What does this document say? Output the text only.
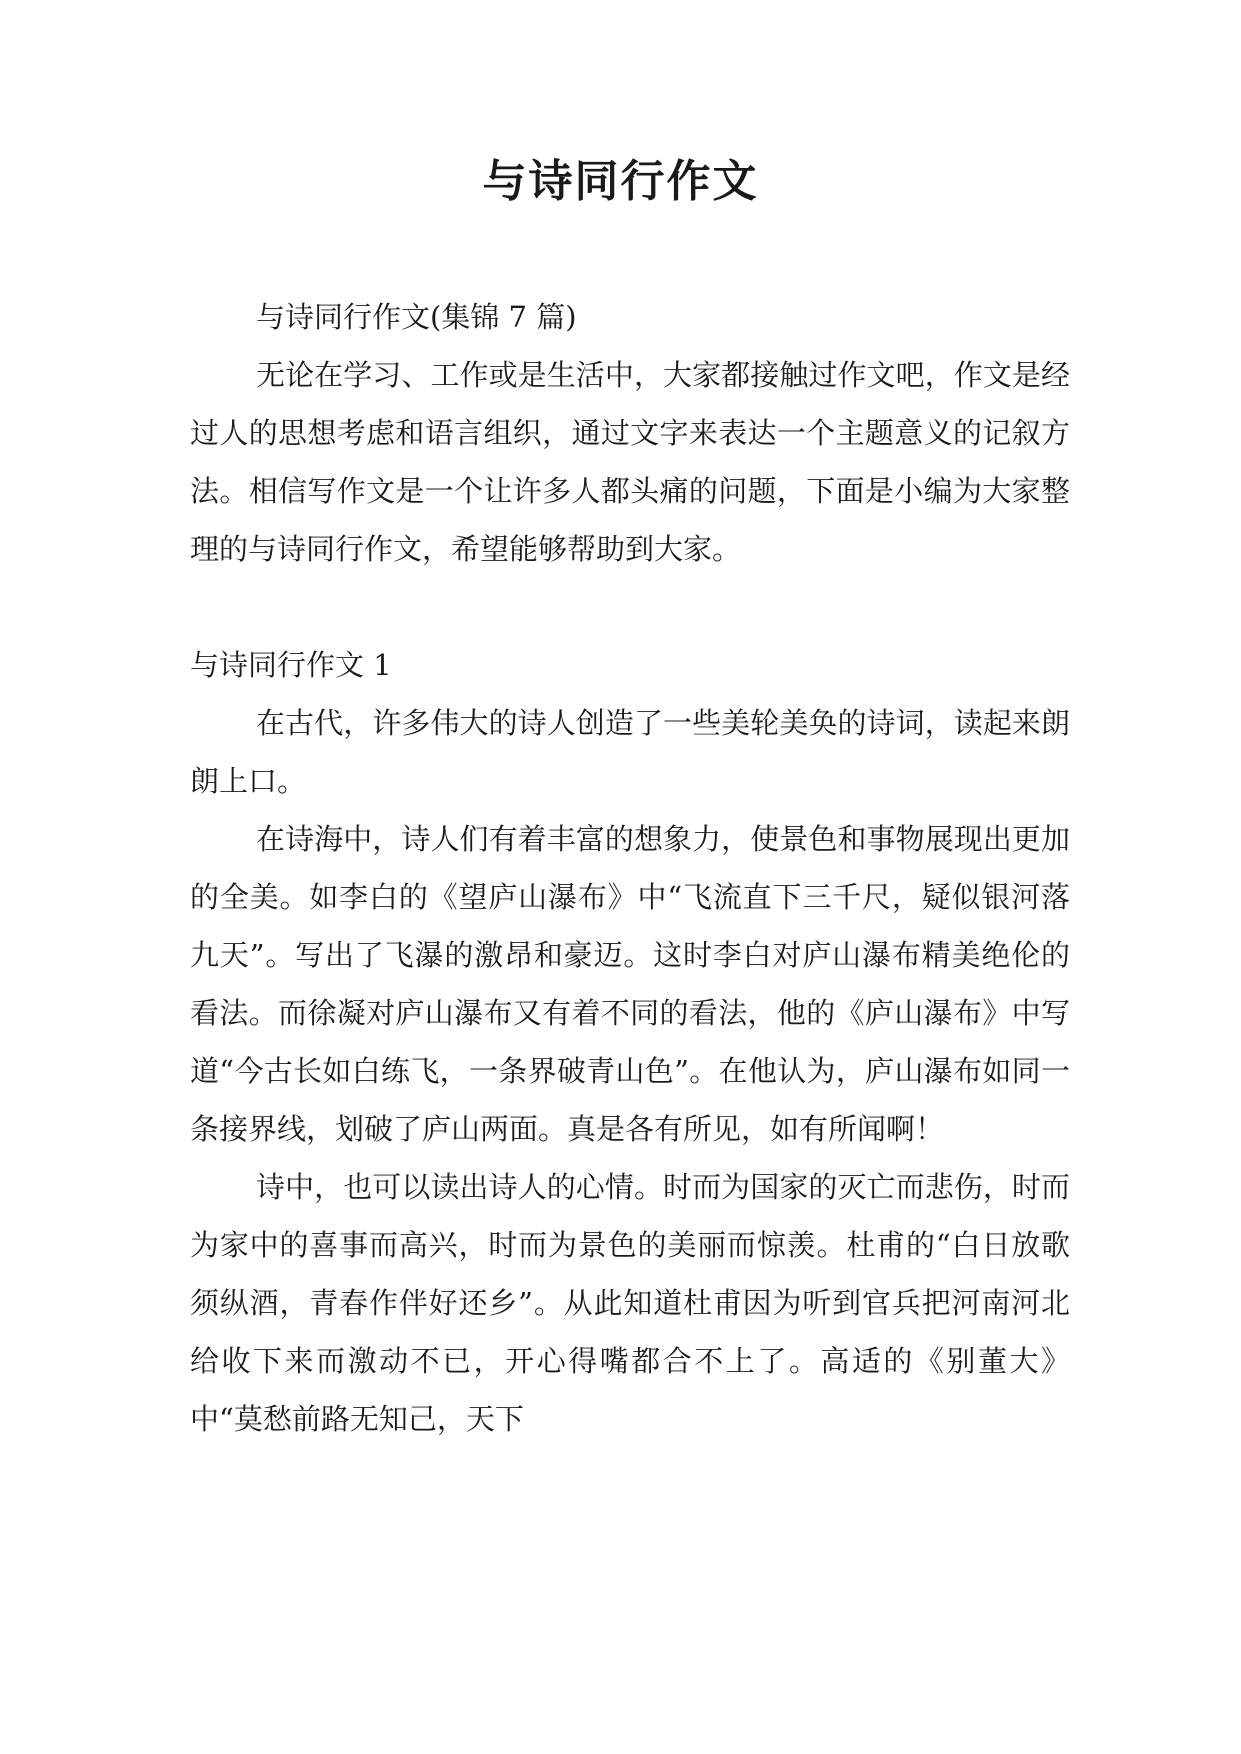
与诗同行作文

与诗同行作文(集锦 7 篇)

无论在学习、工作或是生活中，大家都接触过作文吧，作文是经过人的思想考虑和语言组织，通过文字来表达一个主题意义的记叙方法。相信写作文是一个让许多人都头痛的问题，下面是小编为大家整理的与诗同行作文，希望能够帮助到大家。

与诗同行作文 1

在古代，许多伟大的诗人创造了一些美轮美奂的诗词，读起来朗朗上口。

在诗海中，诗人们有着丰富的想象力，使景色和事物展现出更加的全美。如李白的《望庐山瀑布》中“飞流直下三千尺，疑似银河落九天”。写出了飞瀑的激昂和豪迈。这时李白对庐山瀑布精美绝伦的看法。而徐凝对庐山瀑布又有着不同的看法，他的《庐山瀑布》中写道“今古长如白练飞，一条界破青山色”。在他认为，庐山瀑布如同一条接界线，划破了庐山两面。真是各有所见，如有所闻啊！

诗中，也可以读出诗人的心情。时而为国家的灭亡而悲伤，时而为家中的喜事而高兴，时而为景色的美丽而惊羡。杜甫的“白日放歌须纵酒，青春作伴好还乡”。从此知道杜甫因为听到官兵把河南河北给收下来而激动不已，开心得嘴都合不上了。高适的《别董大》中“莫愁前路无知己，天下
